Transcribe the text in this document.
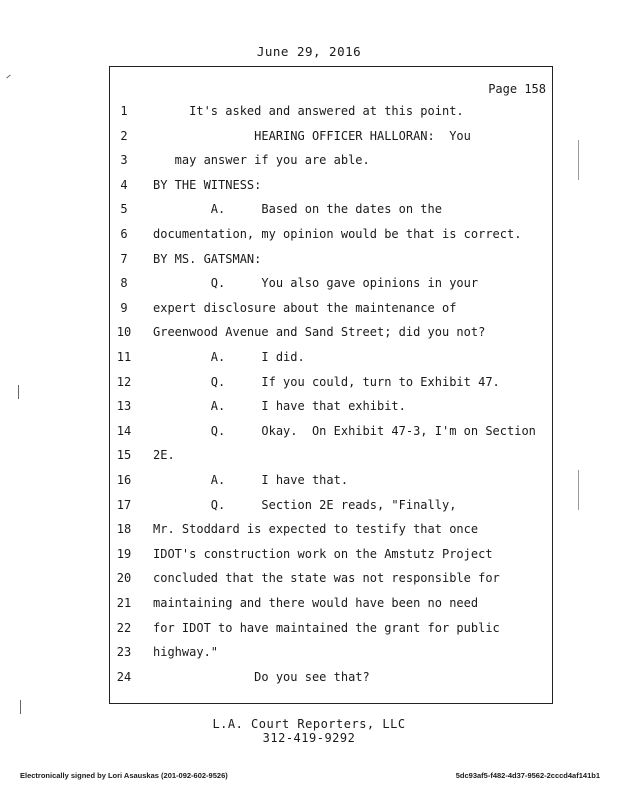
June 29, 2016
Page 158
1	It's asked and answered at this point.
2	HEARING OFFICER HALLORAN:  You
3	may answer if you are able.
4	BY THE WITNESS:
5	A.     Based on the dates on the
6	documentation, my opinion would be that is correct.
7	BY MS. GATSMAN:
8	Q.     You also gave opinions in your
9	expert disclosure about the maintenance of
10	Greenwood Avenue and Sand Street; did you not?
11	A.     I did.
12	Q.     If you could, turn to Exhibit 47.
13	A.     I have that exhibit.
14	Q.     Okay.  On Exhibit 47-3, I'm on Section
15	2E.
16	A.     I have that.
17	Q.     Section 2E reads, "Finally,
18	Mr. Stoddard is expected to testify that once
19	IDOT's construction work on the Amstutz Project
20	concluded that the state was not responsible for
21	maintaining and there would have been no need
22	for IDOT to have maintained the grant for public
23	highway."
24	Do you see that?
L.A. Court Reporters, LLC
312-419-9292
Electronically signed by Lori Asauskas (201-092-602-9526)	5dc93af5-f482-4d37-9562-2cccd4af141b1
